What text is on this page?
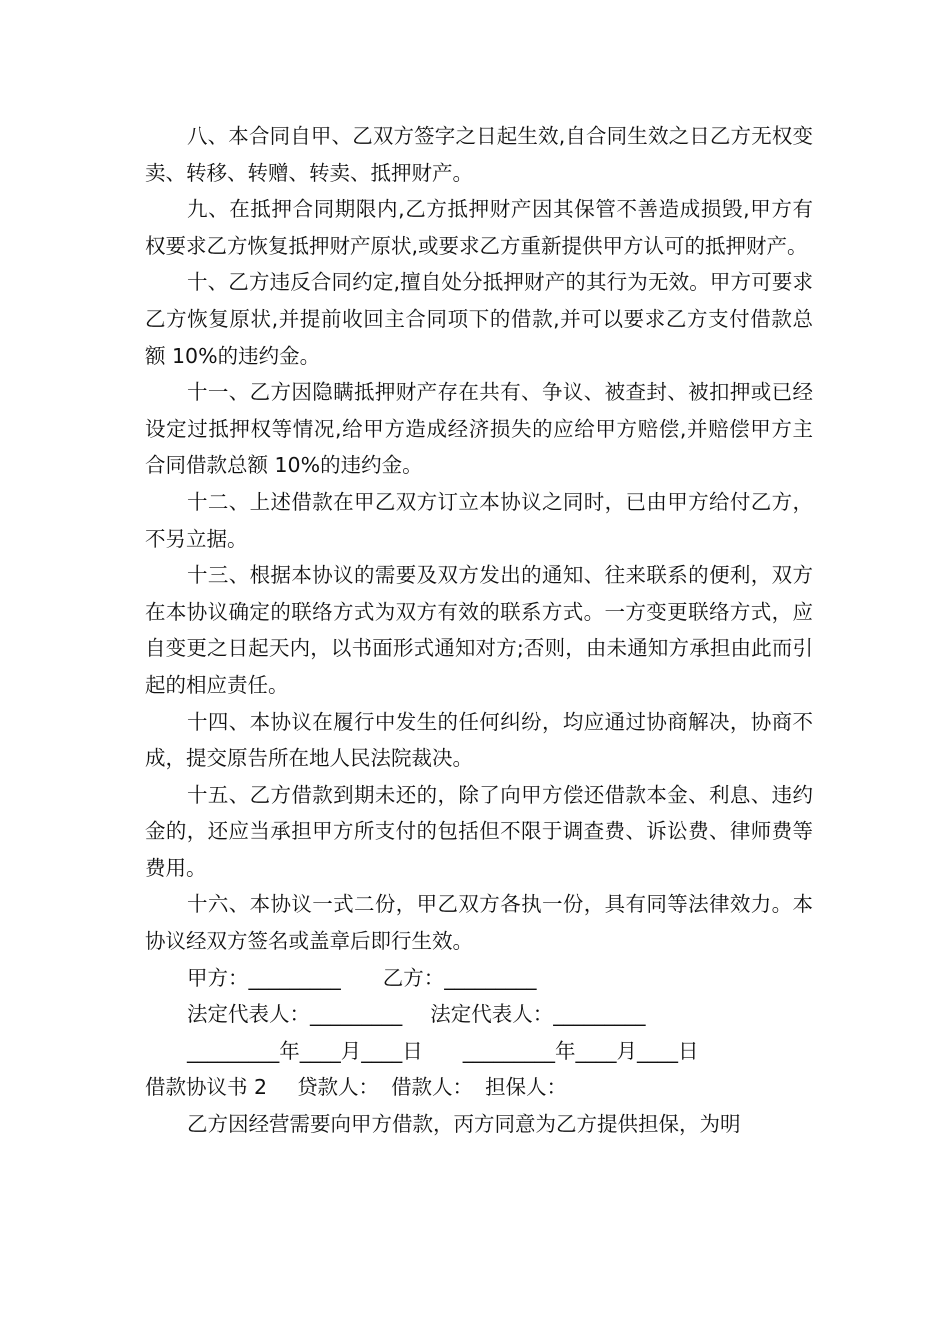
八、本合同自甲、乙双方签字之日起生效,自合同生效之日乙方无权变卖、转移、转赠、转卖、抵押财产。

九、在抵押合同期限内,乙方抵押财产因其保管不善造成损毁,甲方有权要求乙方恢复抵押财产原状,或要求乙方重新提供甲方认可的抵押财产。

十、乙方违反合同约定,擅自处分抵押财产的其行为无效。甲方可要求乙方恢复原状,并提前收回主合同项下的借款,并可以要求乙方支付借款总额 10%的违约金。

十一、乙方因隐瞒抵押财产存在共有、争议、被查封、被扣押或已经设定过抵押权等情况,给甲方造成经济损失的应给甲方赔偿,并赔偿甲方主合同借款总额 10%的违约金。

十二、上述借款在甲乙双方订立本协议之同时，已由甲方给付乙方，不另立据。

十三、根据本协议的需要及双方发出的通知、往来联系的便利，双方在本协议确定的联络方式为双方有效的联系方式。一方变更联络方式，应自变更之日起天内，以书面形式通知对方;否则，由未通知方承担由此而引起的相应责任。

十四、本协议在履行中发生的任何纠纷，均应通过协商解决，协商不成，提交原告所在地人民法院裁决。

十五、乙方借款到期未还的，除了向甲方偿还借款本金、利息、违约金的，还应当承担甲方所支付的包括但不限于调查费、诉讼费、律师费等费用。

十六、本协议一式二份，甲乙双方各执一份，具有同等法律效力。本协议经双方签名或盖章后即行生效。

甲方：_________ 乙方：_________

法定代表人：_________ 法定代表人：_________

_________年____月____日 _________年____月____日

借款协议书 2 贷款人： 借款人： 担保人：

乙方因经营需要向甲方借款，丙方同意为乙方提供担保，为明
